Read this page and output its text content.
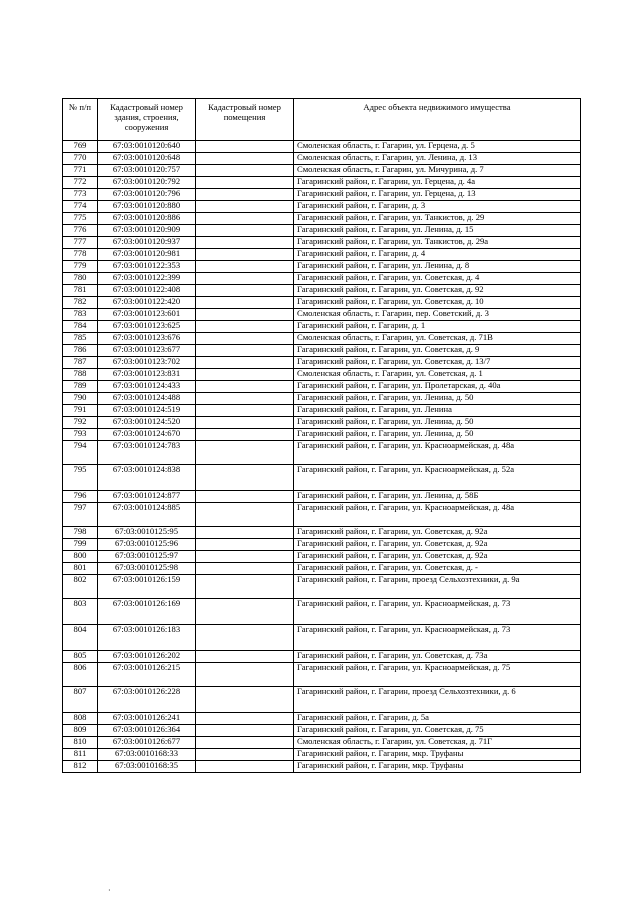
№ п/п	Кадастровый номер здания, строения, сооружения	Кадастровый номер помещения	Адрес объекта недвижимого имущества
769	67:03:0010120:640		Смоленская область, г. Гагарин, ул. Герцена, д. 5
770	67:03:0010120:648		Смоленская область, г. Гагарин, ул. Ленина, д. 13
771	67:03:0010120:757		Смоленская область, г. Гагарин, ул. Мичурина, д. 7
772	67:03:0010120:792		Гагаринский район, г. Гагарин, ул. Герцена, д. 4а
773	67:03:0010120:796		Гагаринский район, г. Гагарин, ул. Герцена, д. 13
774	67:03:0010120:880		Гагаринский район, г. Гагарин, д. 3
775	67:03:0010120:886		Гагаринский район, г. Гагарин, ул. Танкистов, д. 29
776	67:03:0010120:909		Гагаринский район, г. Гагарин, ул. Ленина, д. 15
777	67:03:0010120:937		Гагаринский район, г. Гагарин, ул. Танкистов, д. 29а
778	67:03:0010120:981		Гагаринский район, г. Гагарин, д. 4
779	67:03:0010122:353		Гагаринский район, г. Гагарин, ул. Ленина, д. 8
780	67:03:0010122:399		Гагаринский район, г. Гагарин, ул. Советская, д. 4
781	67:03:0010122:408		Гагаринский район, г. Гагарин, ул. Советская, д. 92
782	67:03:0010122:420		Гагаринский район, г. Гагарин, ул. Советская, д. 10
783	67:03:0010123:601		Смоленская область, г. Гагарин, пер. Советский, д. 3
784	67:03:0010123:625		Гагаринский район, г. Гагарин, д. 1
785	67:03:0010123:676		Смоленская область, г. Гагарин, ул. Советская, д. 71В
786	67:03:0010123:677		Гагаринский район, г. Гагарин, ул. Советская, д. 9
787	67:03:0010123:702		Гагаринский район, г. Гагарин, ул. Советская, д. 13/7
788	67:03:0010123:831		Смоленская область, г. Гагарин, ул. Советская, д. 1
789	67:03:0010124:433		Гагаринский район, г. Гагарин, ул. Пролетарская, д. 40а
790	67:03:0010124:488		Гагаринский район, г. Гагарин, ул. Ленина, д. 50
791	67:03:0010124:519		Гагаринский район, г. Гагарин, ул. Ленина
792	67:03:0010124:520		Гагаринский район, г. Гагарин, ул. Ленина, д. 50
793	67:03:0010124:670		Гагаринский район, г. Гагарин, ул. Ленина, д. 50
794	67:03:0010124:783		Гагаринский район, г. Гагарин, ул. Красноармейская, д. 48а
795	67:03:0010124:838		Гагаринский район, г. Гагарин, ул. Красноармейская, д. 52а
796	67:03:0010124:877		Гагаринский район, г. Гагарин, ул. Ленина, д. 58Б
797	67:03:0010124:885		Гагаринский район, г. Гагарин, ул. Красноармейская, д. 48а
798	67:03:0010125:95		Гагаринский район, г. Гагарин, ул. Советская, д. 92а
799	67:03:0010125:96		Гагаринский район, г. Гагарин, ул. Советская, д. 92а
800	67:03:0010125:97		Гагаринский район, г. Гагарин, ул. Советская, д. 92а
801	67:03:0010125:98		Гагаринский район, г. Гагарин, ул. Советская, д. -
802	67:03:0010126:159		Гагаринский район, г. Гагарин, проезд Сельхозтехники, д. 9а
803	67:03:0010126:169		Гагаринский район, г. Гагарин, ул. Красноармейская, д. 73
804	67:03:0010126:183		Гагаринский район, г. Гагарин, ул. Красноармейская, д. 73
805	67:03:0010126:202		Гагаринский район, г. Гагарин, ул. Советская, д. 73а
806	67:03:0010126:215		Гагаринский район, г. Гагарин, ул. Красноармейская, д. 75
807	67:03:0010126:228		Гагаринский район, г. Гагарин, проезд Сельхозтехники, д. 6
808	67:03:0010126:241		Гагаринский район, г. Гагарин, д. 5а
809	67:03:0010126:364		Гагаринский район, г. Гагарин, ул. Советская, д. 75
810	67:03:0010126:677		Смоленская область, г. Гагарин, ул. Советская, д. 71Г
811	67:03:0010168:33		Гагаринский район, г. Гагарин, мкр. Труфаны
812	67:03:0010168:35		Гагаринский район, г. Гагарин, мкр. Труфаны
·
